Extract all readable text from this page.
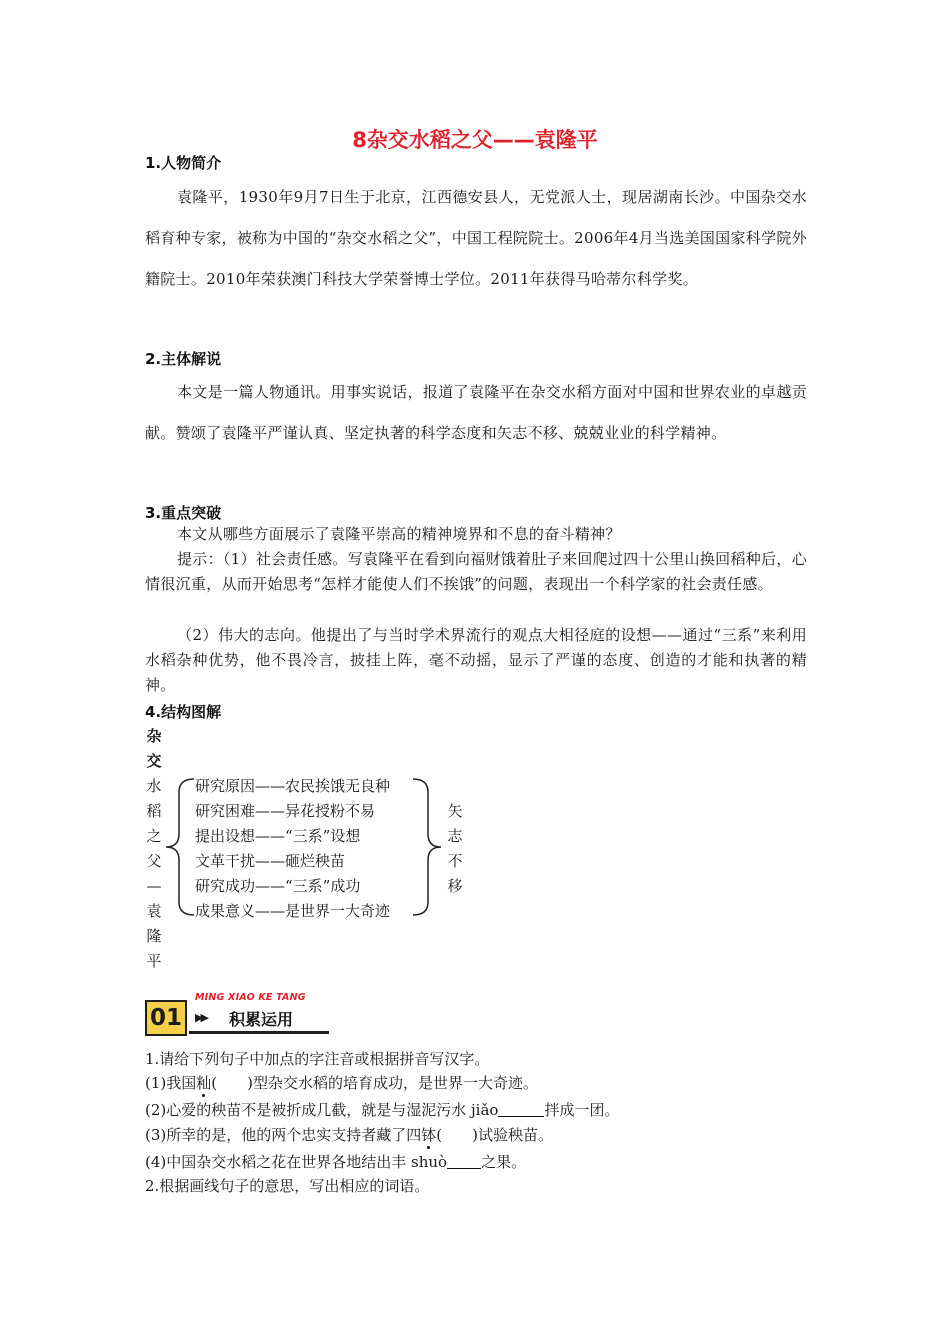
8杂交水稻之父——袁隆平
1.人物简介

袁隆平，1930年9月7日生于北京，江西德安县人，无党派人士，现居湖南长沙。中国杂交水稻育种专家，被称为中国的“杂交水稻之父”，中国工程院院士。2006年4月当选美国国家科学院外籍院士。2010年荣获澳门科技大学荣誉博士学位。2011年获得马哈蒂尔科学奖。

2.主体解说

本文是一篇人物通讯。用事实说话，报道了袁隆平在杂交水稻方面对中国和世界农业的卓越贡献。赞颂了袁隆平严谨认真、坚定执著的科学态度和矢志不移、兢兢业业的科学精神。

3.重点突破

本文从哪些方面展示了袁隆平崇高的精神境界和不息的奋斗精神？

提示：（1）社会责任感。写袁隆平在看到向福财饿着肚子来回爬过四十公里山换回稻种后，心情很沉重，从而开始思考“怎样才能使人们不挨饿”的问题，表现出一个科学家的社会责任感。

（2）伟大的志向。他提出了与当时学术界流行的观点大相径庭的设想——通过“三系”来利用水稻杂种优势，他不畏冷言，披挂上阵，毫不动摇，显示了严谨的态度、创造的才能和执著的精神。

4.结构图解
杂
交
水
稻
之
父
—
袁
隆
平
研究原因——农民挨饿无良种
研究困难——异花授粉不易
提出设想——“三系”设想
文革干扰——砸烂秧苗
研究成功——“三系”成功
成果意义——是世界一大奇迹
矢
志
不
移
01
MING XIAO KE TANG
▶▶ 积累运用
1.请给下列句子中加点的字注音或根据拼音写汉字。
(1)我国籼(　　)型杂交水稻的培育成功，是世界一大奇迹。
(2)心爱的秧苗不是被折成几截，就是与湿泥污水 jiǎo	拌成一团。
(3)所幸的是，他的两个忠实支持者藏了四钵(　　)试验秧苗。
(4)中国杂交水稻之花在世界各地结出丰 shuò 之果。
2.根据画线句子的意思，写出相应的词语。
